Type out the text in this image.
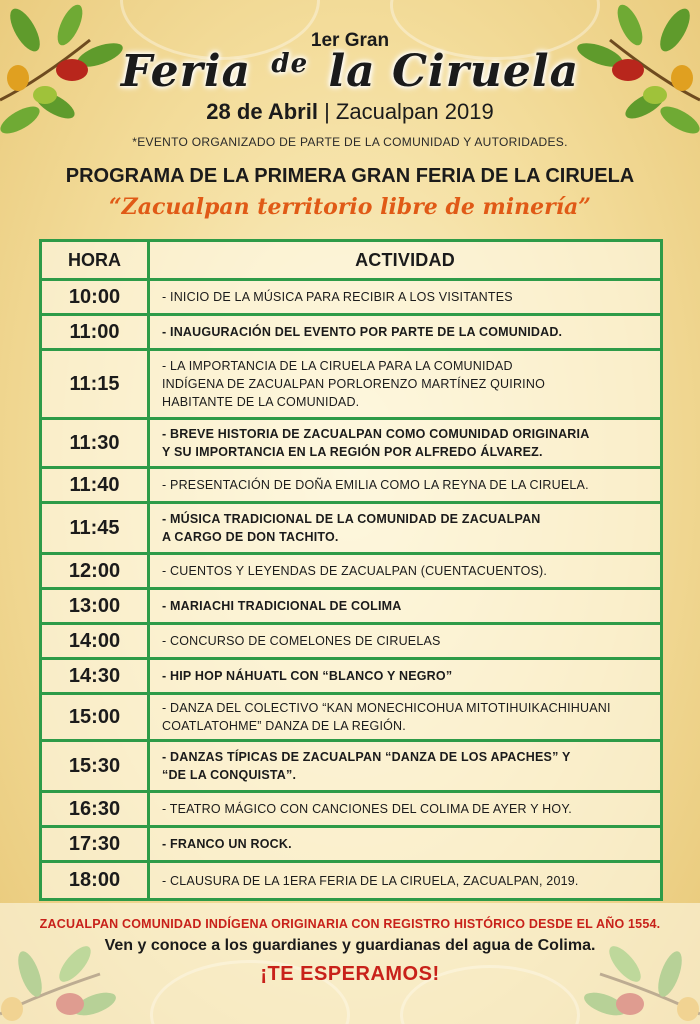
1er Gran
Feria $^{de}$ la Ciruela
28 de Abril | Zacualpan 2019
*EVENTO ORGANIZADO DE PARTE DE LA COMUNIDAD Y AUTORIDADES.
PROGRAMA DE LA PRIMERA GRAN FERIA DE LA CIRUELA
“Zacualpan territorio libre de minería”
HORA	ACTIVIDAD
10:00	- INICIO DE LA MÚSICA PARA RECIBIR A LOS VISITANTES

11:00	- INAUGURACIÓN DEL EVENTO POR PARTE DE LA COMUNIDAD.

11:15	- LA IMPORTANCIA DE LA CIRUELA PARA LA COMUNIDAD
INDÍGENA DE ZACUALPAN PORLORENZO MARTÍNEZ QUIRINO
HABITANTE DE LA COMUNIDAD.

11:30	- BREVE HISTORIA DE ZACUALPAN COMO COMUNIDAD ORIGINARIA
Y SU IMPORTANCIA EN LA REGIÓN POR ALFREDO ÁLVAREZ.

11:40	- PRESENTACIÓN DE DOÑA EMILIA COMO LA REYNA DE LA CIRUELA.

11:45	- MÚSICA TRADICIONAL DE LA COMUNIDAD DE ZACUALPAN
A CARGO DE DON TACHITO.

12:00	- CUENTOS Y LEYENDAS DE ZACUALPAN (CUENTACUENTOS).

13:00	- MARIACHI TRADICIONAL DE COLIMA

14:00	- CONCURSO DE COMELONES DE CIRUELAS

14:30	- HIP HOP NÁHUATL CON “BLANCO Y NEGRO”

15:00	- DANZA DEL COLECTIVO “KAN MONECHICOHUA MITOTIHUIKACHIHUANI
COATLATOHME” DANZA DE LA REGIÓN.

15:30	- DANZAS TÍPICAS DE ZACUALPAN “DANZA DE LOS APACHES” Y
“DE LA CONQUISTA”.

16:30	- TEATRO MÁGICO CON CANCIONES DEL COLIMA DE AYER Y HOY.

17:30	- FRANCO UN ROCK.

18:00	- CLAUSURA DE LA 1ERA FERIA DE LA CIRUELA, ZACUALPAN, 2019.
ZACUALPAN COMUNIDAD INDÍGENA ORIGINARIA CON REGISTRO HISTÓRICO DESDE EL AÑO 1554.
Ven y conoce a los guardianes y guardianas del agua de Colima.
¡TE ESPERAMOS!
